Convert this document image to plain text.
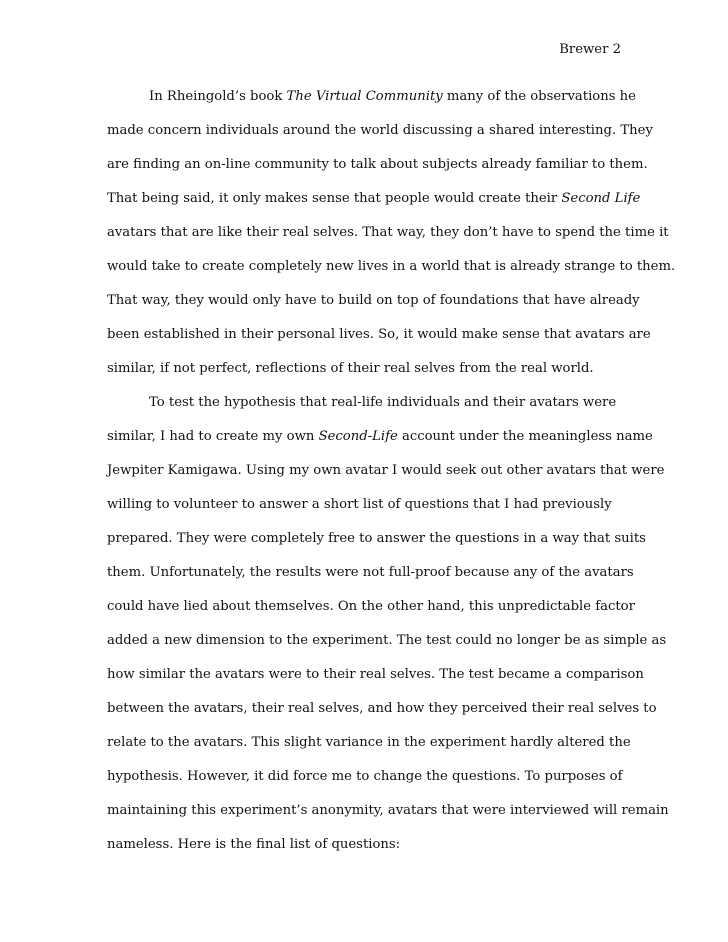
Brewer 2
In Rheingold’s book The Virtual Community many of the observations he
made concern individuals around the world discussing a shared interesting. They
are finding an on-line community to talk about subjects already familiar to them.
That being said, it only makes sense that people would create their Second Life
avatars that are like their real selves. That way, they don’t have to spend the time it
would take to create completely new lives in a world that is already strange to them.
That way, they would only have to build on top of foundations that have already
been established in their personal lives. So, it would make sense that avatars are
similar, if not perfect, reflections of their real selves from the real world.
To test the hypothesis that real-life individuals and their avatars were
similar, I had to create my own Second-Life account under the meaningless name
Jewpiter Kamigawa. Using my own avatar I would seek out other avatars that were
willing to volunteer to answer a short list of questions that I had previously
prepared. They were completely free to answer the questions in a way that suits
them. Unfortunately, the results were not full-proof because any of the avatars
could have lied about themselves. On the other hand, this unpredictable factor
added a new dimension to the experiment. The test could no longer be as simple as
how similar the avatars were to their real selves. The test became a comparison
between the avatars, their real selves, and how they perceived their real selves to
relate to the avatars. This slight variance in the experiment hardly altered the
hypothesis. However, it did force me to change the questions. To purposes of
maintaining this experiment’s anonymity, avatars that were interviewed will remain
nameless. Here is the final list of questions:
